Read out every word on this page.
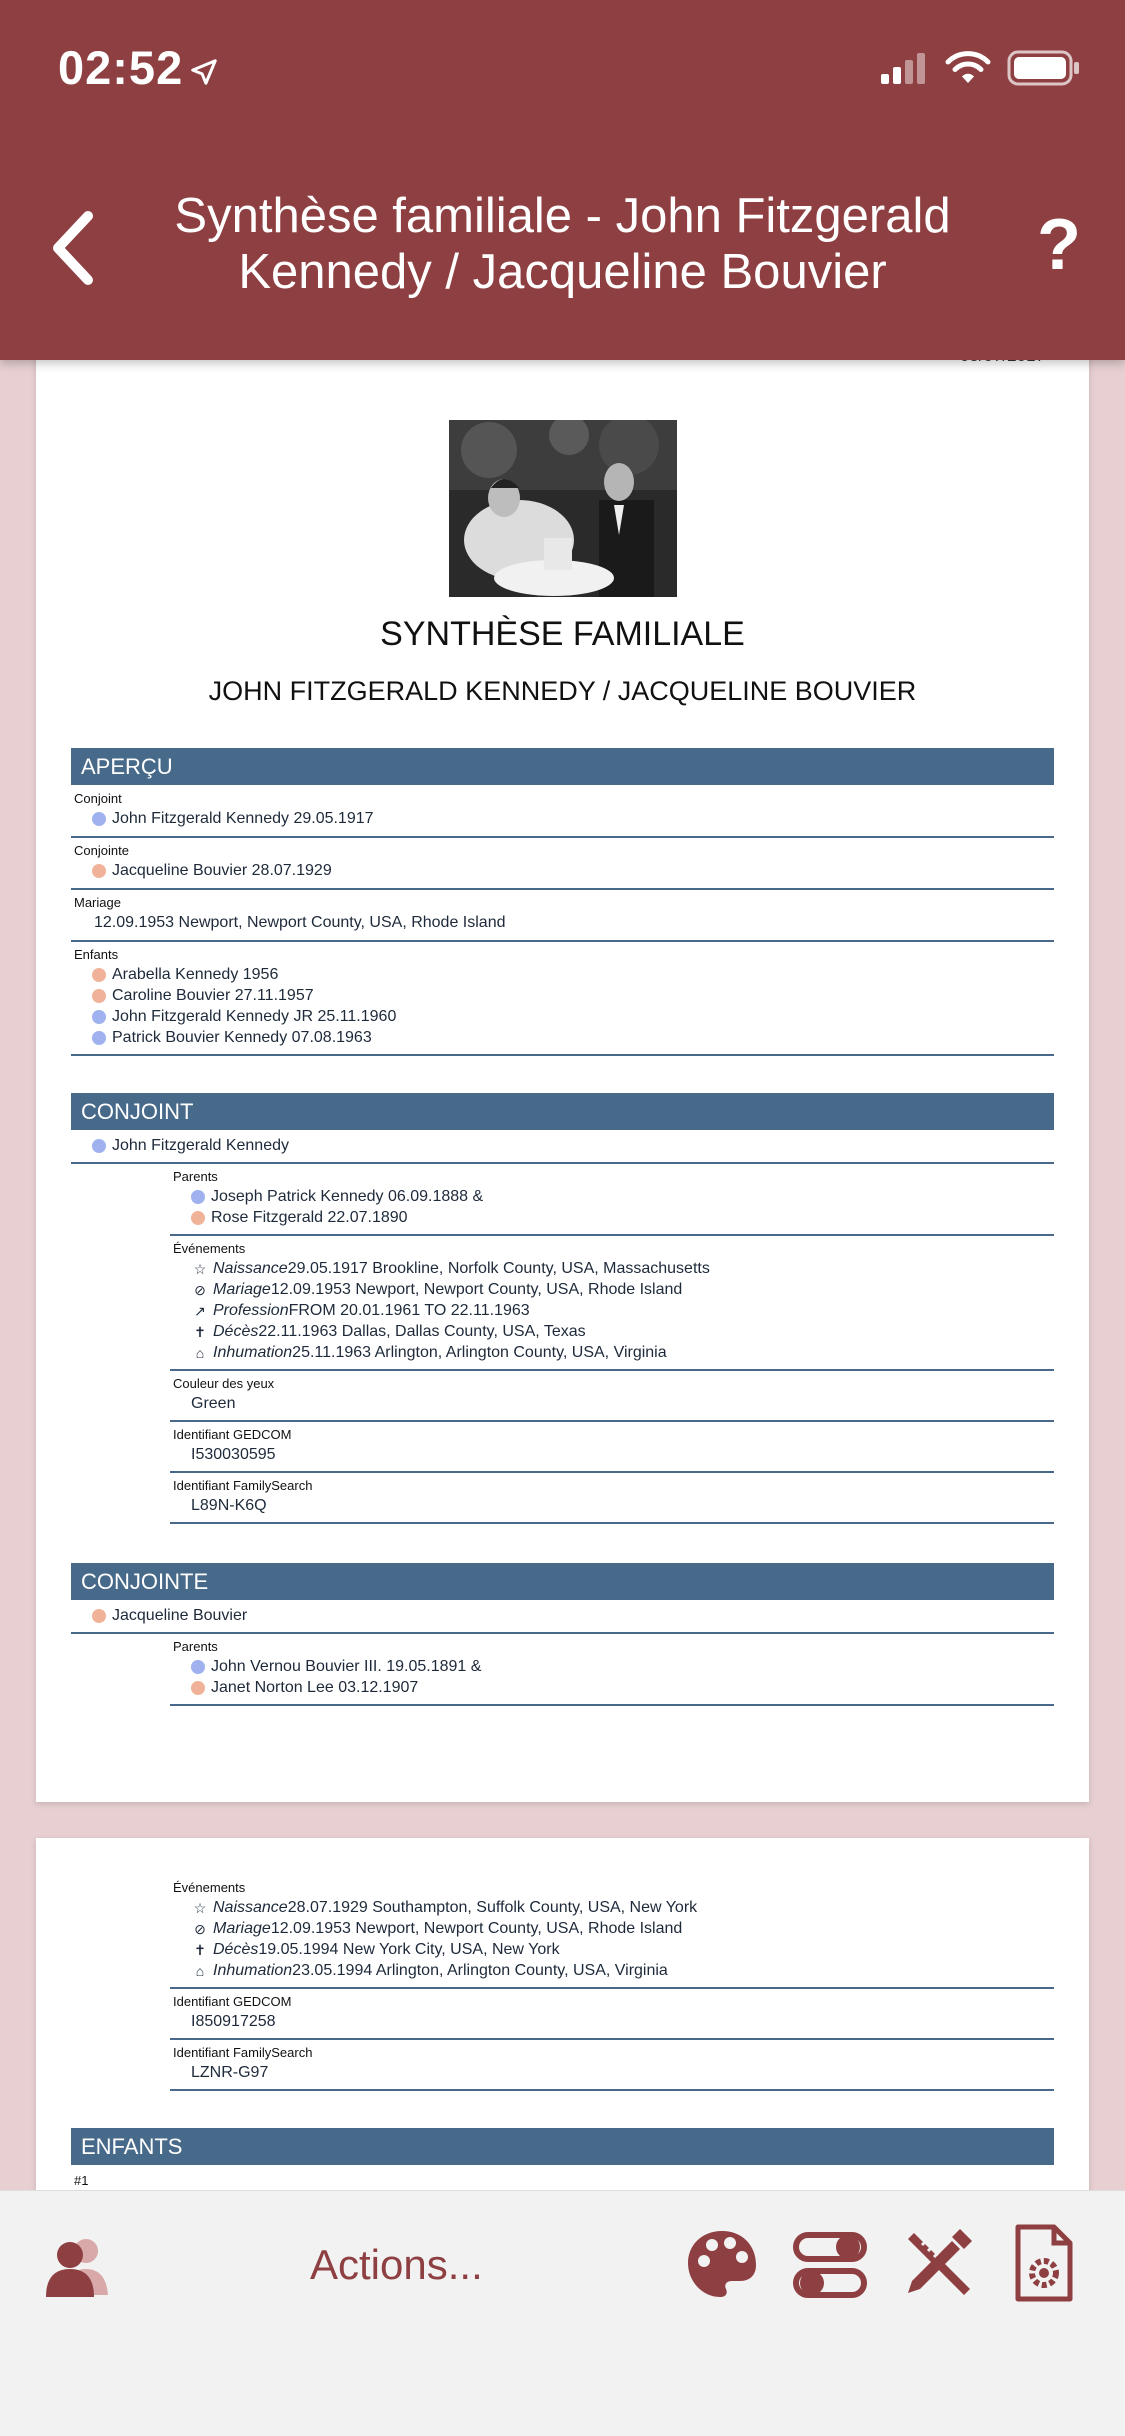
02:52
Synthèse familiale - John Fitzgerald Kennedy / Jacqueline Bouvier	?
SYNTHÈSE FAMILIALE
JOHN FITZGERALD KENNEDY / JACQUELINE BOUVIER
APERÇU
Conjoint
John Fitzgerald Kennedy 29.05.1917
Conjointe
Jacqueline Bouvier 28.07.1929
Mariage
12.09.1953 Newport, Newport County, USA, Rhode Island
Enfants
Arabella Kennedy 1956
Caroline Bouvier 27.11.1957
John Fitzgerald Kennedy JR 25.11.1960
Patrick Bouvier Kennedy 07.08.1963
CONJOINT
John Fitzgerald Kennedy
Parents
Joseph Patrick Kennedy 06.09.1888 &
Rose Fitzgerald 22.07.1890
Événements
☆ Naissance 29.05.1917 Brookline, Norfolk County, USA, Massachusetts
⊘ Mariage 12.09.1953 Newport, Newport County, USA, Rhode Island
↗ Profession FROM 20.01.1961 TO 22.11.1963
✝ Décès 22.11.1963 Dallas, Dallas County, USA, Texas
⌂ Inhumation 25.11.1963 Arlington, Arlington County, USA, Virginia
Couleur des yeux
Green
Identifiant GEDCOM
I530030595
Identifiant FamilySearch
L89N-K6Q
CONJOINTE
Jacqueline Bouvier
Parents
John Vernou Bouvier III. 19.05.1891 &
Janet Norton Lee 03.12.1907
Événements
☆ Naissance 28.07.1929 Southampton, Suffolk County, USA, New York
⊘ Mariage 12.09.1953 Newport, Newport County, USA, Rhode Island
✝ Décès 19.05.1994 New York City, USA, New York
⌂ Inhumation 23.05.1994 Arlington, Arlington County, USA, Virginia
Identifiant GEDCOM
I850917258
Identifiant FamilySearch
LZNR-G97
ENFANTS
#1
Actions...
